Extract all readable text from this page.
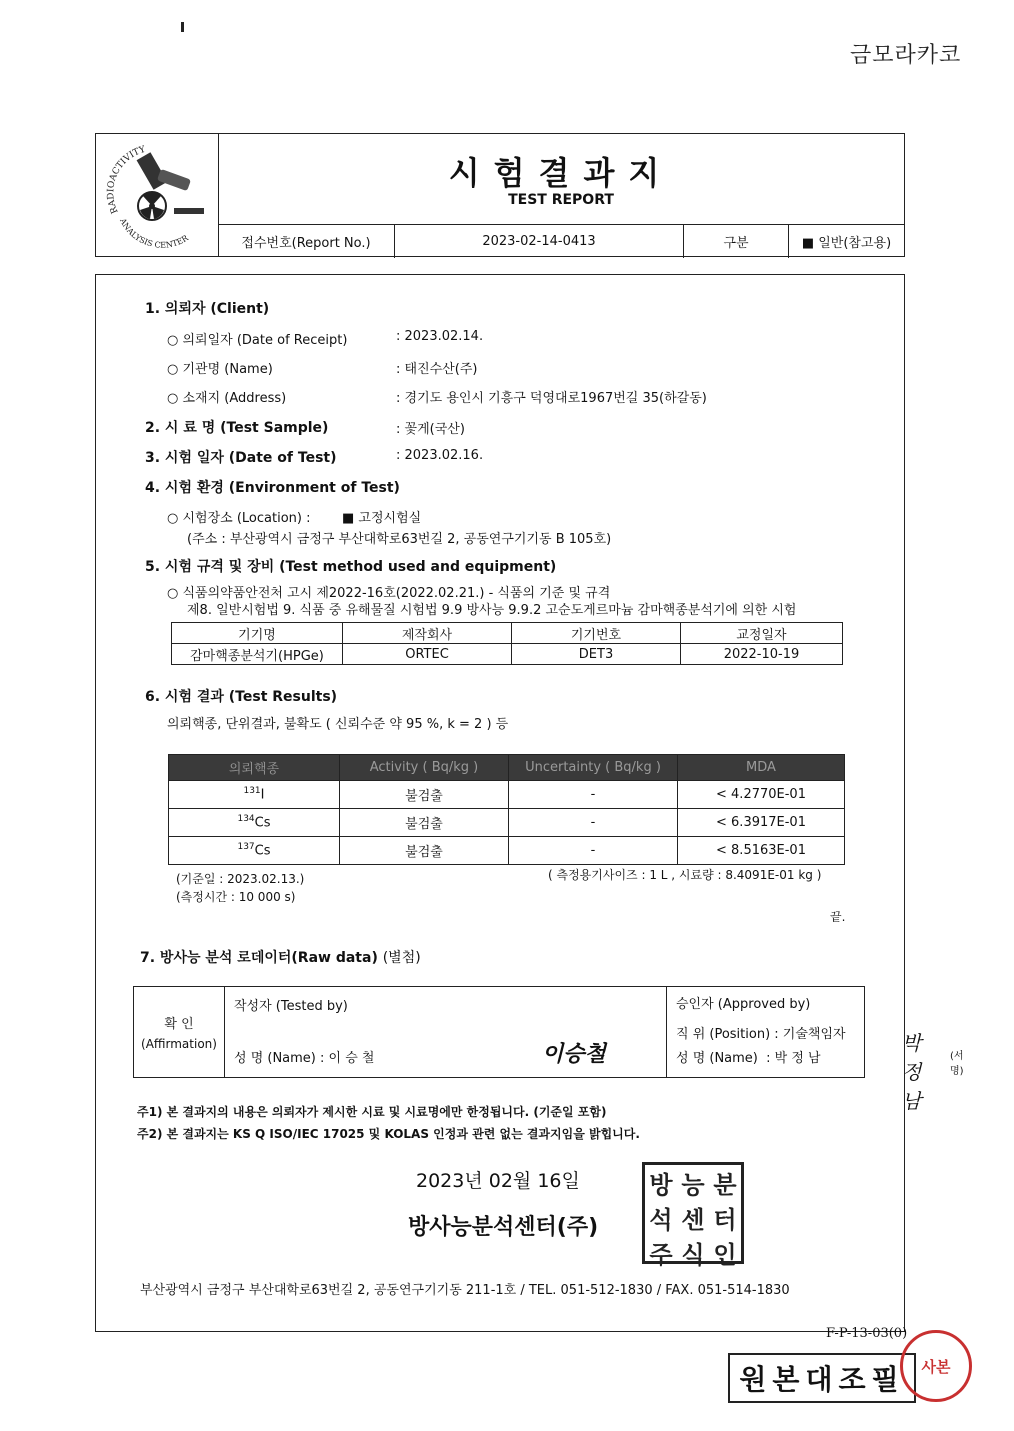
금모라카코
RADIOACTIVITY
ANALYSIS CENTER
시험결과지
TEST REPORT
접수번호(Report No.)	2023-02-14-0413	구분	■ 일반(참고용)
1. 의뢰자 (Client)
○ 의뢰일자 (Date of Receipt)	: 2023.02.14.
○ 기관명 (Name)	: 태진수산(주)
○ 소재지 (Address)	: 경기도 용인시 기흥구 덕영대로1967번길 35(하갈동)
2. 시 료 명 (Test Sample)	: 꽃게(국산)
3. 시험 일자 (Date of Test)	: 2023.02.16.
4. 시험 환경 (Environment of Test)
○ 시험장소 (Location) : ■ 고정시험실
(주소 : 부산광역시 금정구 부산대학로63번길 2, 공동연구기기동 B 105호)
5. 시험 규격 및 장비 (Test method used and equipment)
○ 식품의약품안전처 고시 제2022-16호(2022.02.21.) - 식품의 기준 및 규격
제8. 일반시험법 9. 식품 중 유해물질 시험법 9.9 방사능 9.9.2 고순도게르마늄 감마핵종분석기에 의한 시험
기기명	제작회사	기기번호	교정일자
감마핵종분석기(HPGe)	ORTEC	DET3	2022-10-19
6. 시험 결과 (Test Results)
의뢰핵종, 단위결과, 불확도 ( 신뢰수준 약 95 %, k = 2 ) 등
의뢰핵종	Activity ( Bq/kg )	Uncertainty ( Bq/kg )	MDA
$^{131}$I	불검출	-	< 4.2770E-01
$^{134}$Cs	불검출	-	< 6.3917E-01
$^{137}$Cs	불검출	-	< 8.5163E-01
(기준일 : 2023.02.13.)
(측정시간 : 10 000 s)
( 측정용기사이즈 : 1 L , 시료량 : 8.4091E-01 kg )
끝.
7. 방사능 분석 로데이터(Raw data) (별첨)
확 인
(Affirmation)
작성자 (Tested by)
성 명 (Name) : 이 승 철	이승철
승인자 (Approved by)
직 위 (Position) : 기술책임자
성 명 (Name)  : 박 정 남
박정남
(서명)
주1) 본 결과지의 내용은 의뢰자가 제시한 시료 및 시료명에만 한정됩니다. (기준일 포함)
주2) 본 결과지는 KS Q ISO/IEC 17025 및 KOLAS 인정과 관련 없는 결과지임을 밝힙니다.
2023년 02월 16일
방사능분석센터(주)
방 능 분
석 센 터
주 식 인
부산광역시 금정구 부산대학로63번길 2, 공동연구기기동 211-1호 / TEL. 051-512-1830 / FAX. 051-514-1830
F-P-13-03(0)
원본대조필 사본
